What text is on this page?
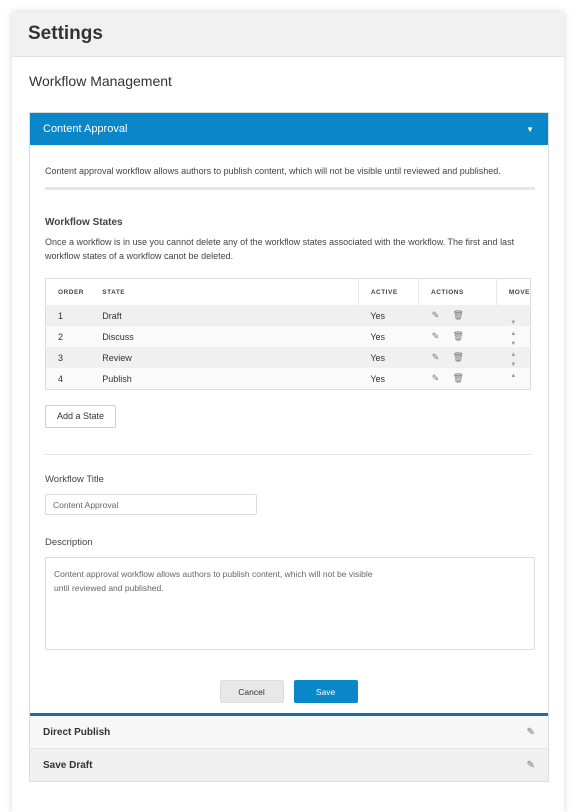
Settings
Workflow Management
Content Approval	▼
Content approval workflow allows authors to publish content, which will not be visible until reviewed and published.
Workflow States
Once a workflow is in use you cannot delete any of the workflow states associated with the workflow. The first and last workflow states of a workflow canot be deleted.
ORDER	STATE	ACTIVE	ACTIONS	MOVE
1	Draft	Yes	✎ 🗑	▼
2	Discuss	Yes	✎ 🗑	▲▼
3	Review	Yes	✎ 🗑	▲▼
4	Publish	Yes	✎ 🗑	▲
Add a State
Workflow Title
Content Approval
Description
Content approval workflow allows authors to publish content, which will not be visible until reviewed and published.
Cancel	Save
Direct Publish	✎
Save Draft	✎
